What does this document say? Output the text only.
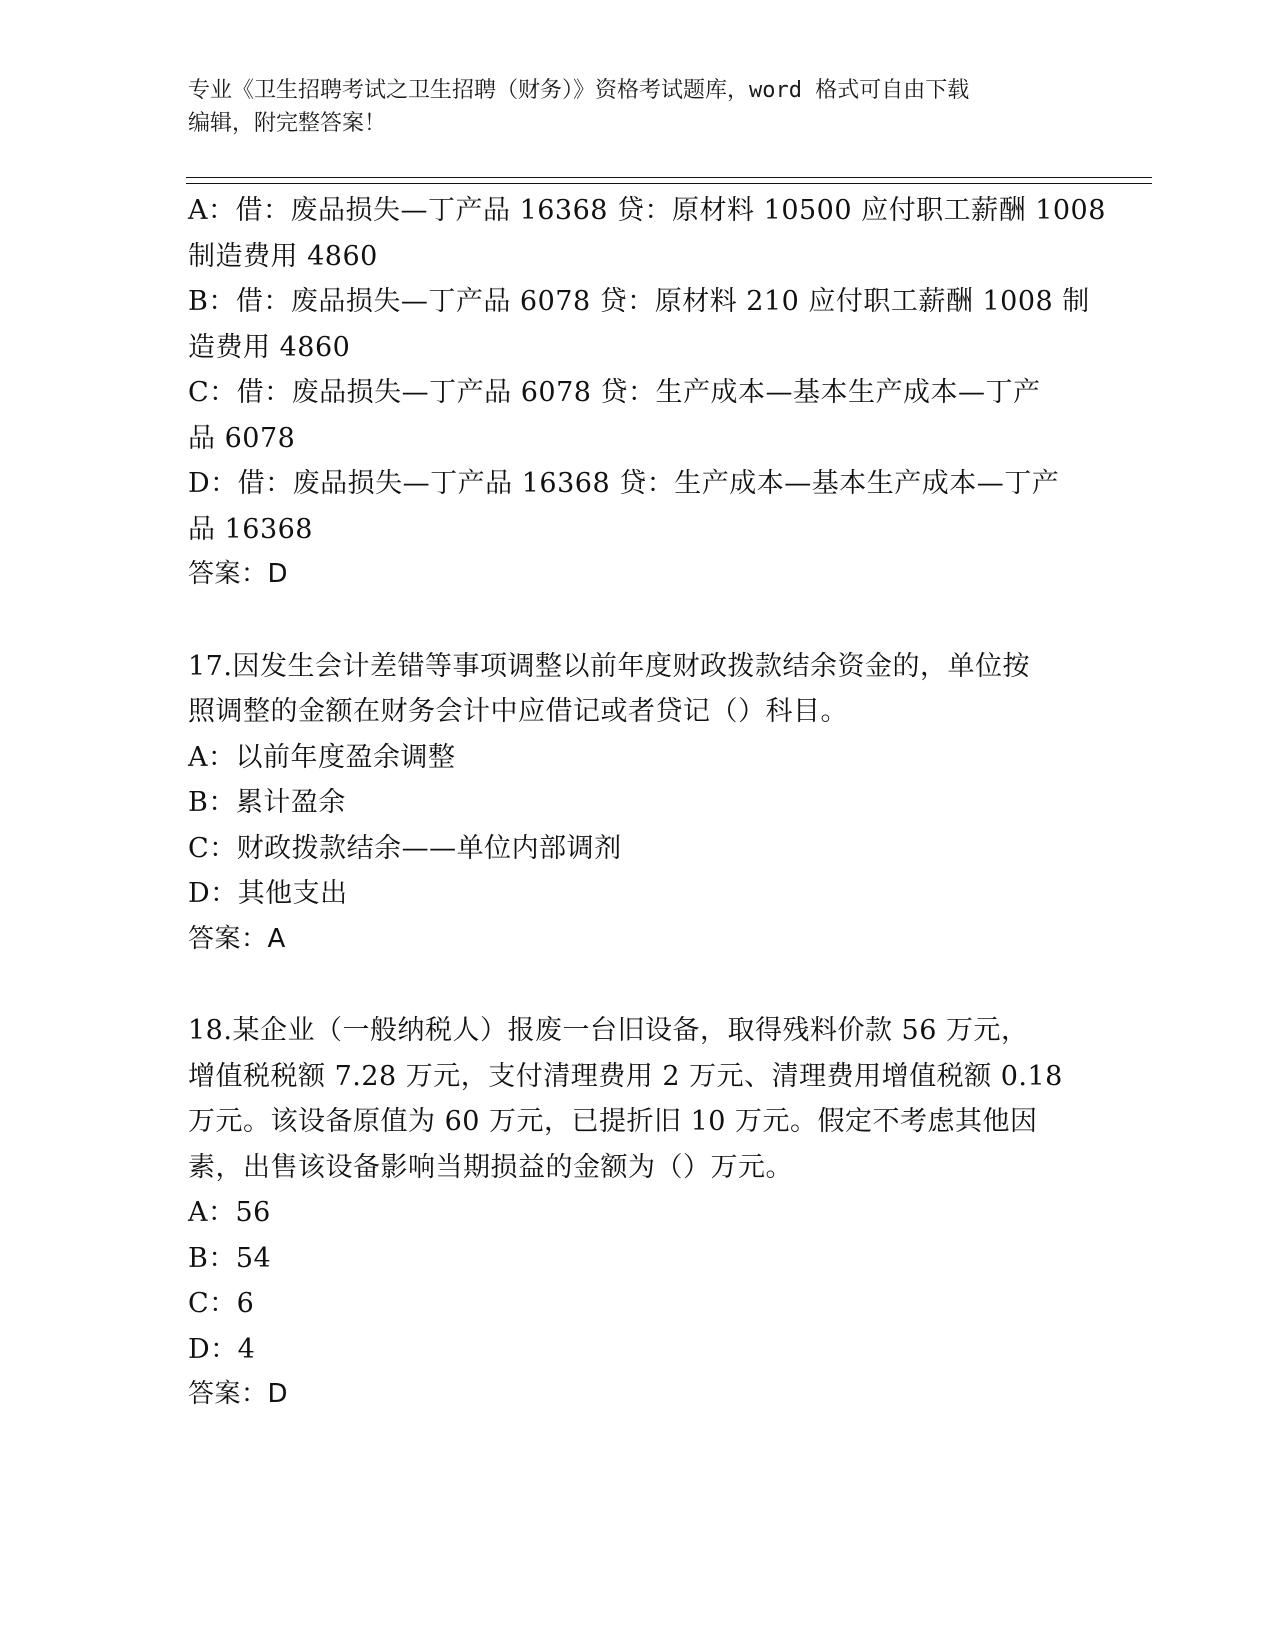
专业《卫生招聘考试之卫生招聘（财务）》资格考试题库，word 格式可自由下载
编辑，附完整答案！
A：借：废品损失—丁产品 16368 贷：原材料 10500 应付职工薪酬 1008
制造费用 4860
B：借：废品损失—丁产品 6078 贷：原材料 210 应付职工薪酬 1008 制
造费用 4860
C：借：废品损失—丁产品 6078 贷：生产成本—基本生产成本—丁产
品 6078
D：借：废品损失—丁产品 16368 贷：生产成本—基本生产成本—丁产
品 16368
答案：D
17.因发生会计差错等事项调整以前年度财政拨款结余资金的，单位按
照调整的金额在财务会计中应借记或者贷记（）科目。
A：以前年度盈余调整
B：累计盈余
C：财政拨款结余——单位内部调剂
D：其他支出
答案：A
18.某企业（一般纳税人）报废一台旧设备，取得残料价款 56 万元，
增值税税额 7.28 万元，支付清理费用 2 万元、清理费用增值税额 0.18
万元。该设备原值为 60 万元，已提折旧 10 万元。假定不考虑其他因
素，出售该设备影响当期损益的金额为（）万元。
A：56
B：54
C：6
D：4
答案：D
